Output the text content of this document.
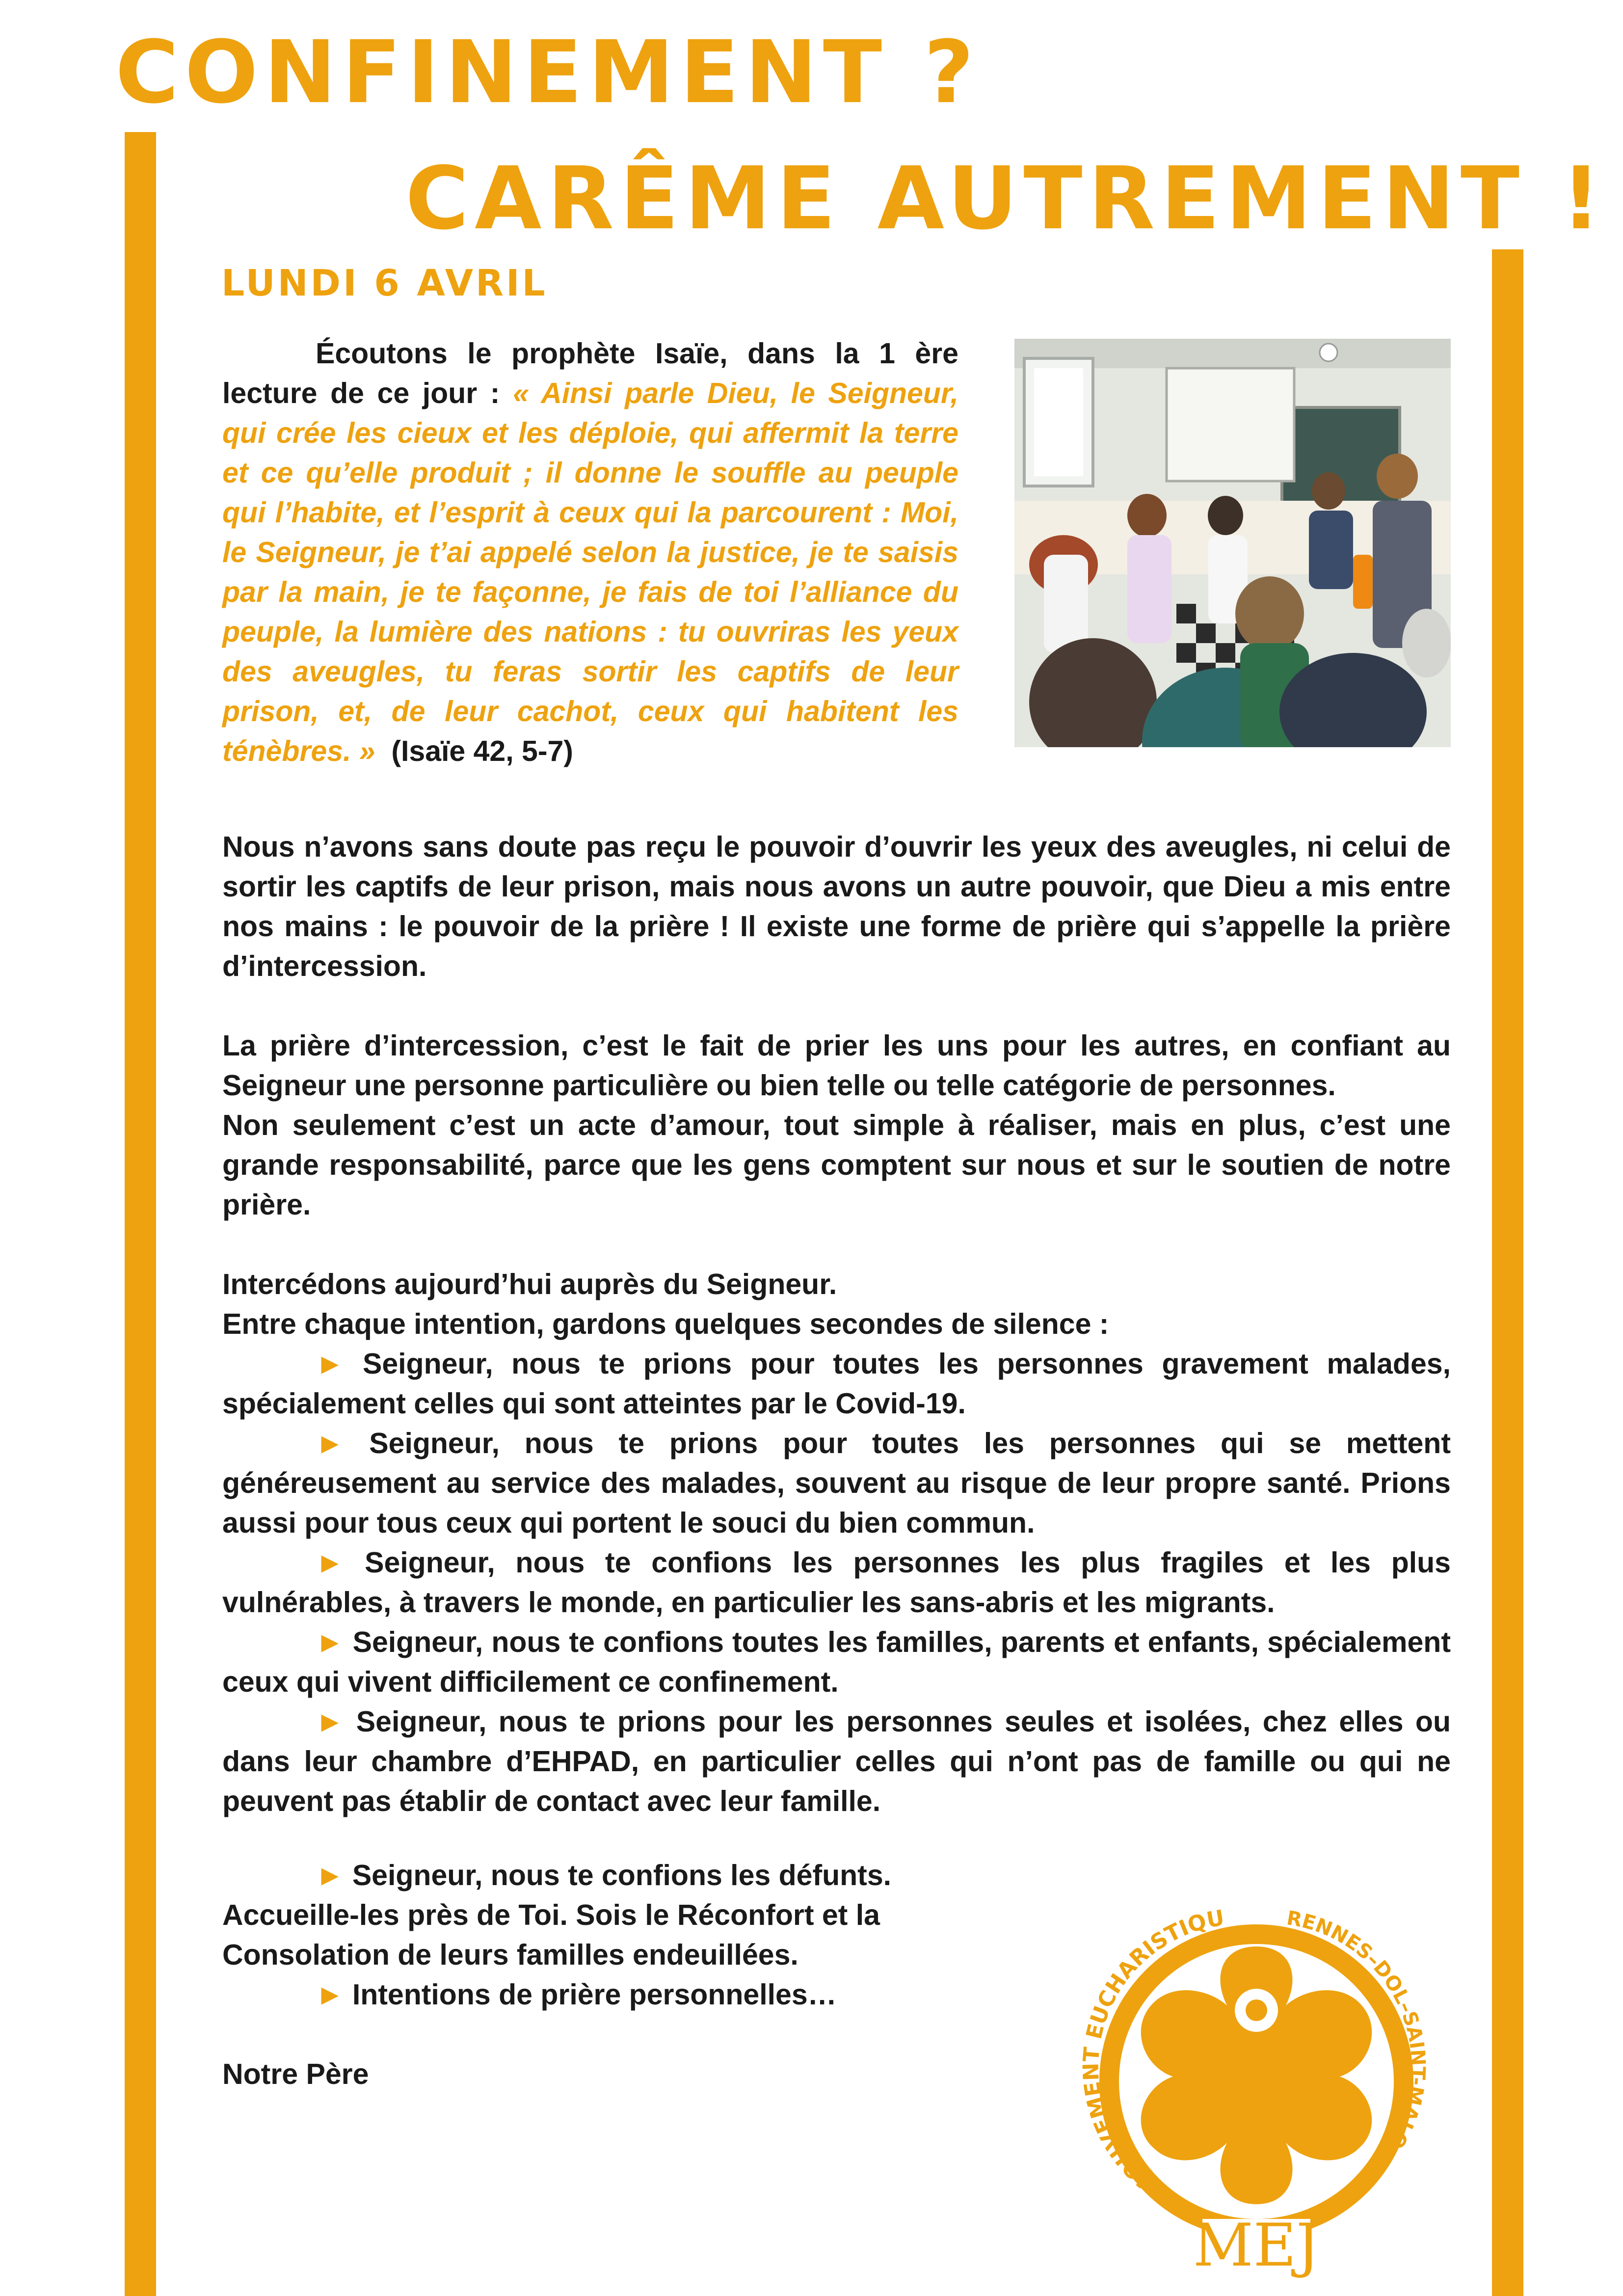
CONFINEMENT ?
CARÊME AUTREMENT !
LUNDI 6 AVRIL

Écoutons le prophète Isaïe, dans la 1 ère lecture de ce jour : « Ainsi parle Dieu, le Seigneur, qui crée les cieux et les déploie, qui affermit la terre et ce qu’elle produit ; il donne le souffle au peuple qui l’habite, et l’esprit à ceux qui la parcourent : Moi, le Seigneur, je t’ai appelé selon la justice, je te saisis par la main, je te façonne, je fais de toi l’alliance du peuple, la lumière des nations : tu ouvriras les yeux des aveugles, tu feras sortir les captifs de leur prison, et, de leur cachot, ceux qui habitent les ténèbres. » (Isaïe 42, 5-7)

Nous n’avons sans doute pas reçu le pouvoir d’ouvrir les yeux des aveugles, ni celui de sortir les captifs de leur prison, mais nous avons un autre pouvoir, que Dieu a mis entre nos mains : le pouvoir de la prière ! Il existe une forme de prière qui s’appelle la prière d’intercession.

La prière d’intercession, c’est le fait de prier les uns pour les autres, en confiant au Seigneur une personne particulière ou bien telle ou telle catégorie de personnes.

Non seulement c’est un acte d’amour, tout simple à réaliser, mais en plus, c’est une grande responsabilité, parce que les gens comptent sur nous et sur le soutien de notre prière.

Intercédons aujourd’hui auprès du Seigneur.

Entre chaque intention, gardons quelques secondes de silence :

► Seigneur, nous te prions pour toutes les personnes gravement malades, spécialement celles qui sont atteintes par le Covid-19.

► Seigneur, nous te prions pour toutes les personnes qui se mettent généreusement au service des malades, souvent au risque de leur propre santé. Prions aussi pour tous ceux qui portent le souci du bien commun.

► Seigneur, nous te confions les personnes les plus fragiles et les plus vulnérables, à travers le monde, en particulier les sans-abris et les migrants.

► Seigneur, nous te confions toutes les familles, parents et enfants, spécialement ceux qui vivent difficilement ce confinement.

► Seigneur, nous te prions pour les personnes seules et isolées, chez elles ou dans leur chambre d’EHPAD, en particulier celles qui n’ont pas de famille ou qui ne peuvent pas établir de contact avec leur famille.

► Seigneur, nous te confions les défunts.

Accueille-les près de Toi. Sois le Réconfort et la

Consolation de leurs familles endeuillées.

► Intentions de prière personnelles…

Notre Père

MOUVEMENT EUCHARISTIQU	RENNES–DOL–SAINT-MALO
MEJ
